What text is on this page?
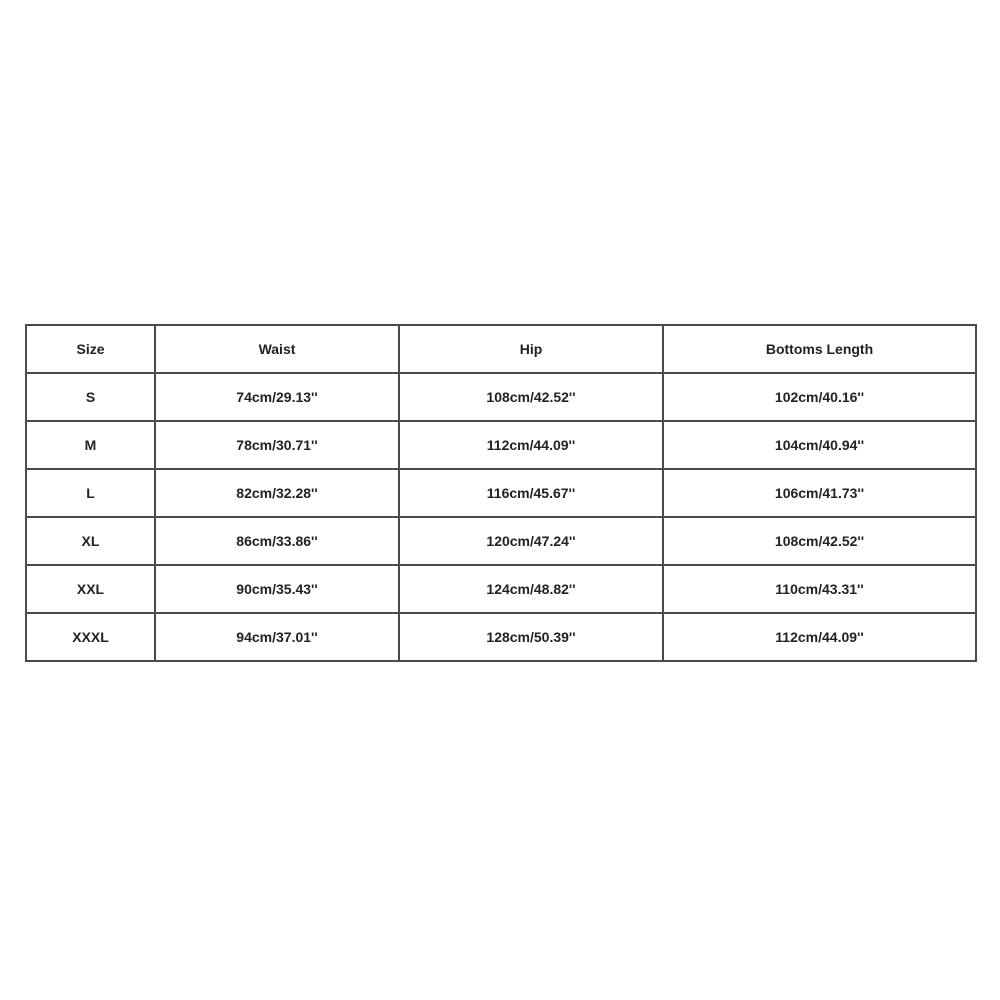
Size	Waist	Hip	Bottoms Length
S	74cm/29.13''	108cm/42.52''	102cm/40.16''
M	78cm/30.71''	112cm/44.09''	104cm/40.94''
L	82cm/32.28''	116cm/45.67''	106cm/41.73''
XL	86cm/33.86''	120cm/47.24''	108cm/42.52''
XXL	90cm/35.43''	124cm/48.82''	110cm/43.31''
XXXL	94cm/37.01''	128cm/50.39''	112cm/44.09''
